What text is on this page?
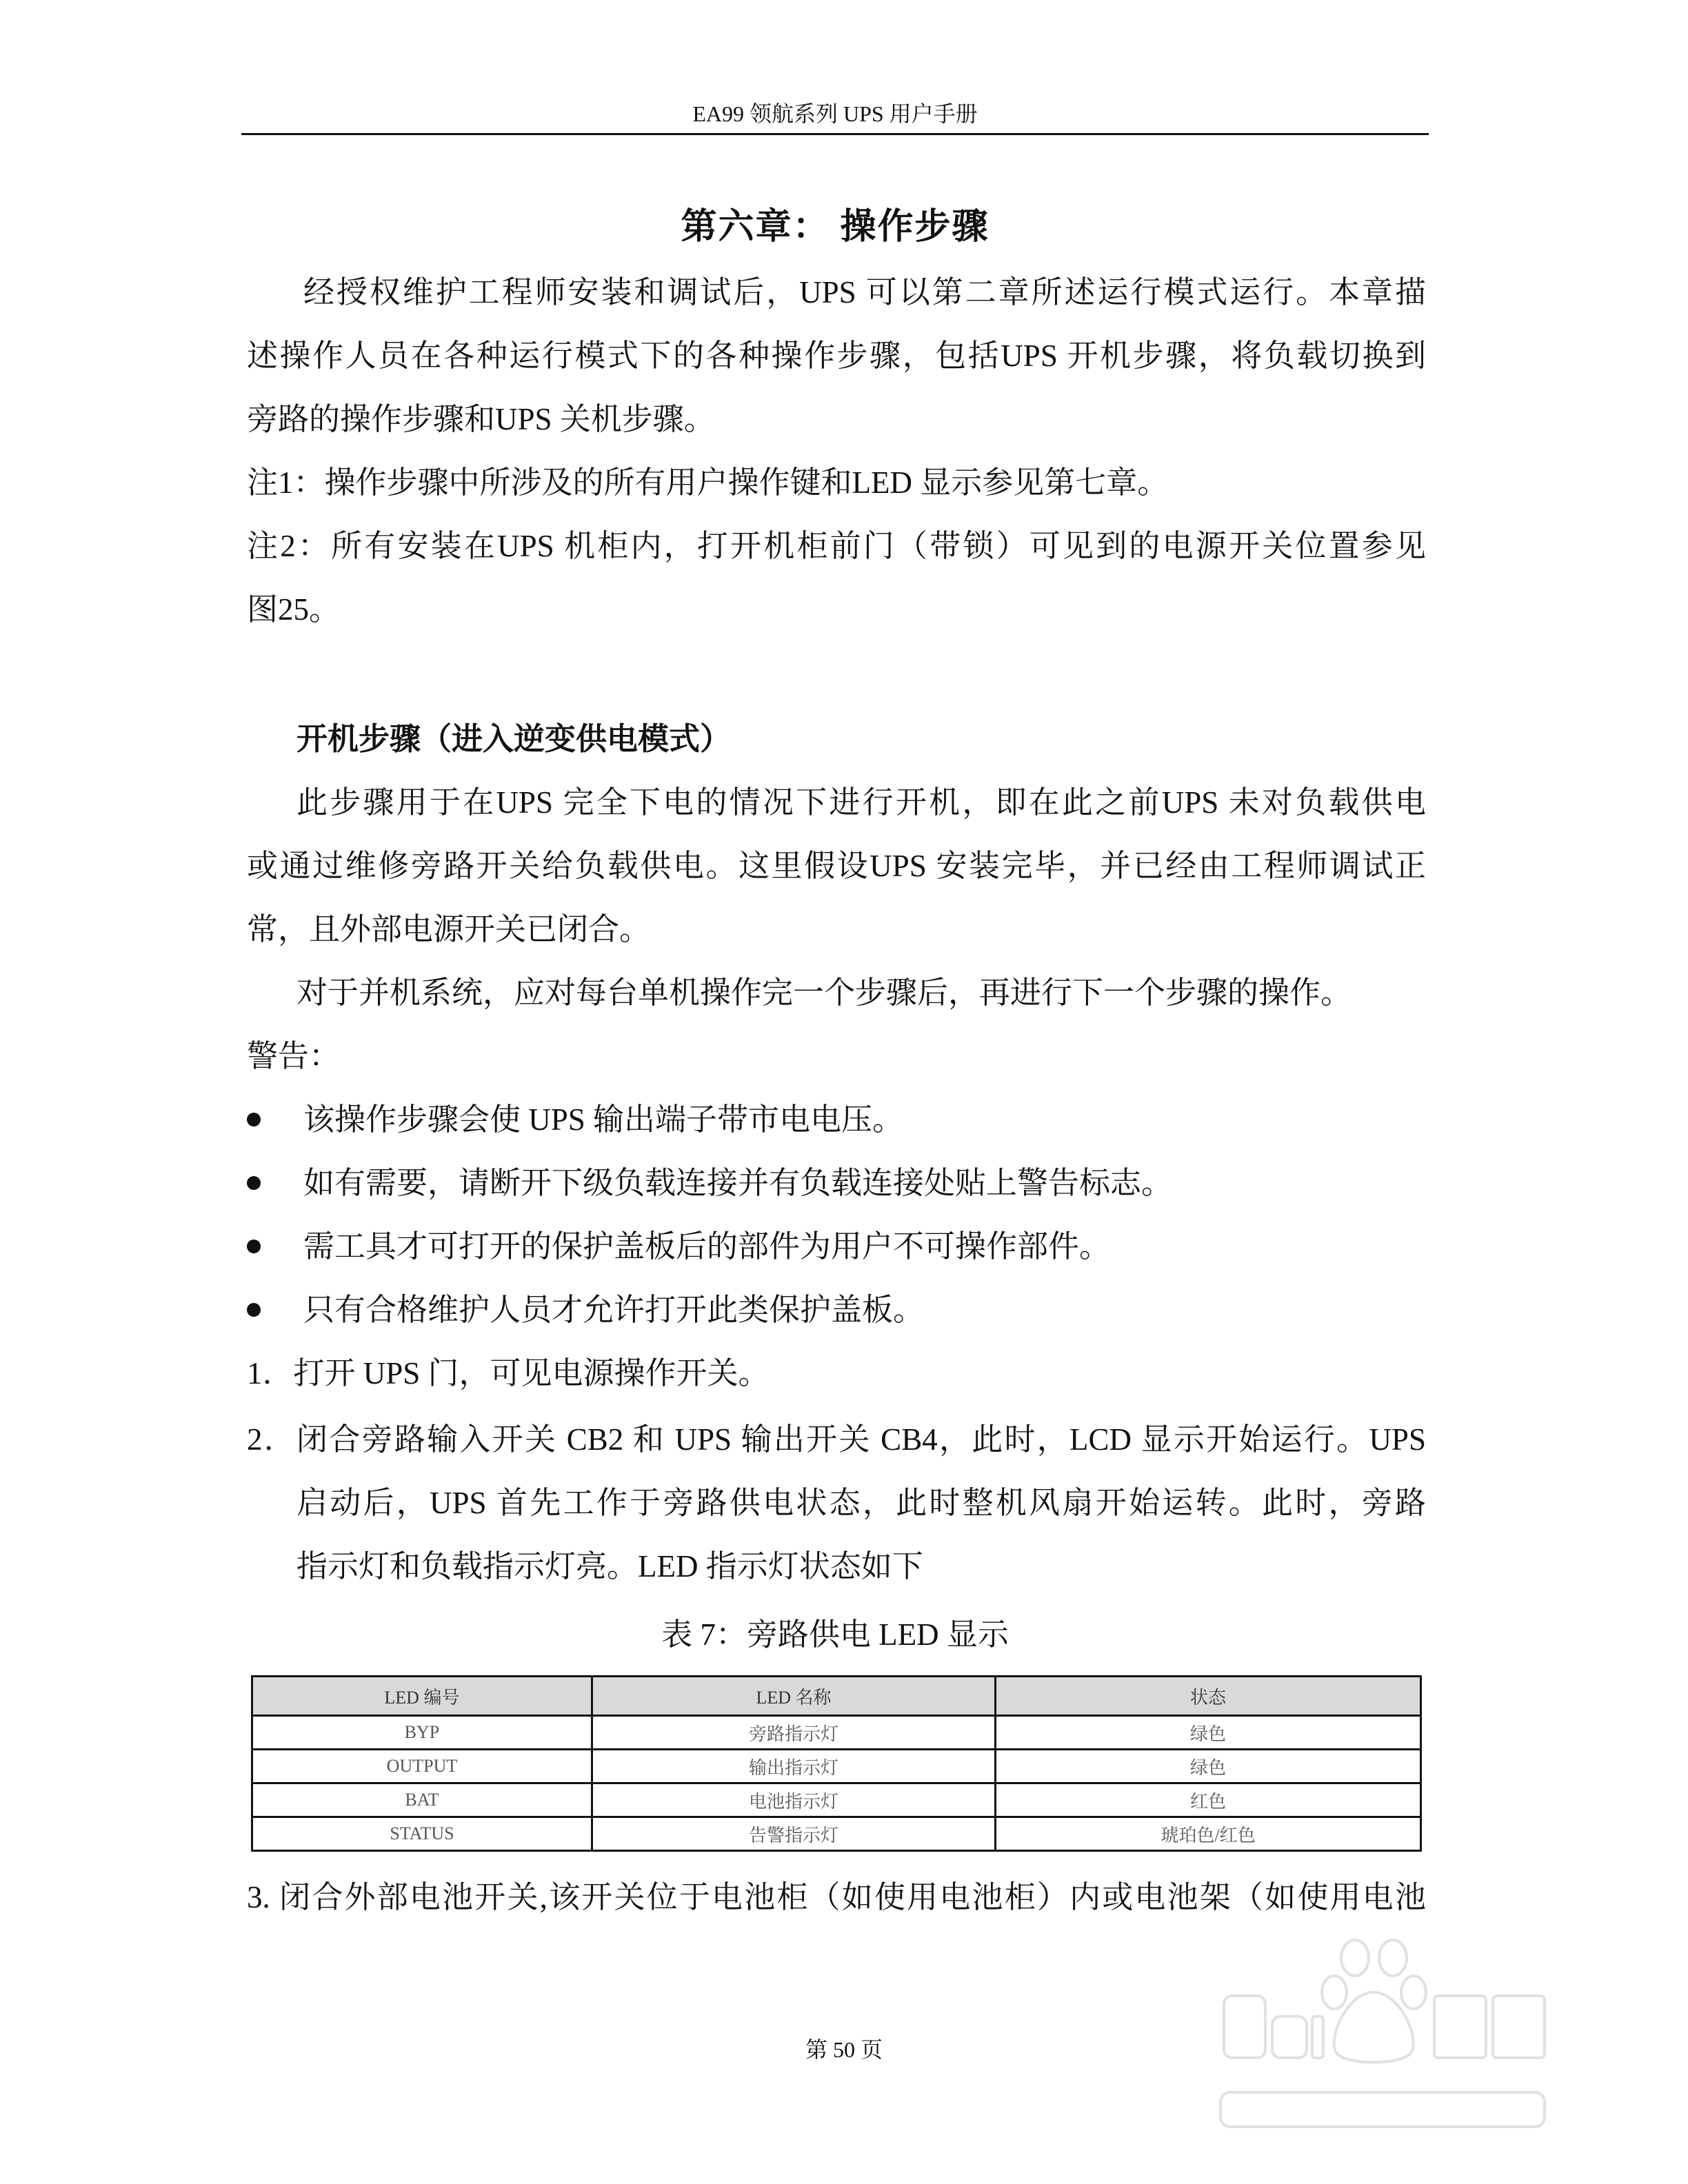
EA99 领航系列 UPS 用户手册
第六章： 操作步骤
经授权维护工程师安装和调试后，UPS 可以第二章所述运行模式运行。本章描
述操作人员在各种运行模式下的各种操作步骤，包括UPS 开机步骤，将负载切换到
旁路的操作步骤和UPS 关机步骤。
注1：操作步骤中所涉及的所有用户操作键和LED 显示参见第七章。
注2：所有安装在UPS 机柜内，打开机柜前门（带锁）可见到的电源开关位置参见
图25。
开机步骤（进入逆变供电模式）
此步骤用于在UPS 完全下电的情况下进行开机，即在此之前UPS 未对负载供电
或通过维修旁路开关给负载供电。这里假设UPS 安装完毕，并已经由工程师调试正
常，且外部电源开关已闭合。
对于并机系统，应对每台单机操作完一个步骤后，再进行下一个步骤的操作。
警告：
该操作步骤会使 UPS 输出端子带市电电压。
如有需要，请断开下级负载连接并有负载连接处贴上警告标志。
需工具才可打开的保护盖板后的部件为用户不可操作部件。
只有合格维护人员才允许打开此类保护盖板。
1．打开 UPS 门，可见电源操作开关。
2．闭合旁路输入开关 CB2 和 UPS 输出开关 CB4，此时，LCD 显示开始运行。UPS
启动后，UPS 首先工作于旁路供电状态，此时整机风扇开始运转。此时，旁路
指示灯和负载指示灯亮。LED 指示灯状态如下
表 7：旁路供电 LED 显示
LED 编号	LED 名称	状态
BYP	旁路指示灯	绿色
OUTPUT	输出指示灯	绿色
BAT	电池指示灯	红色
STATUS	告警指示灯	琥珀色/红色
3. 闭合外部电池开关,该开关位于电池柜（如使用电池柜）内或电池架（如使用电池
第 50 页
